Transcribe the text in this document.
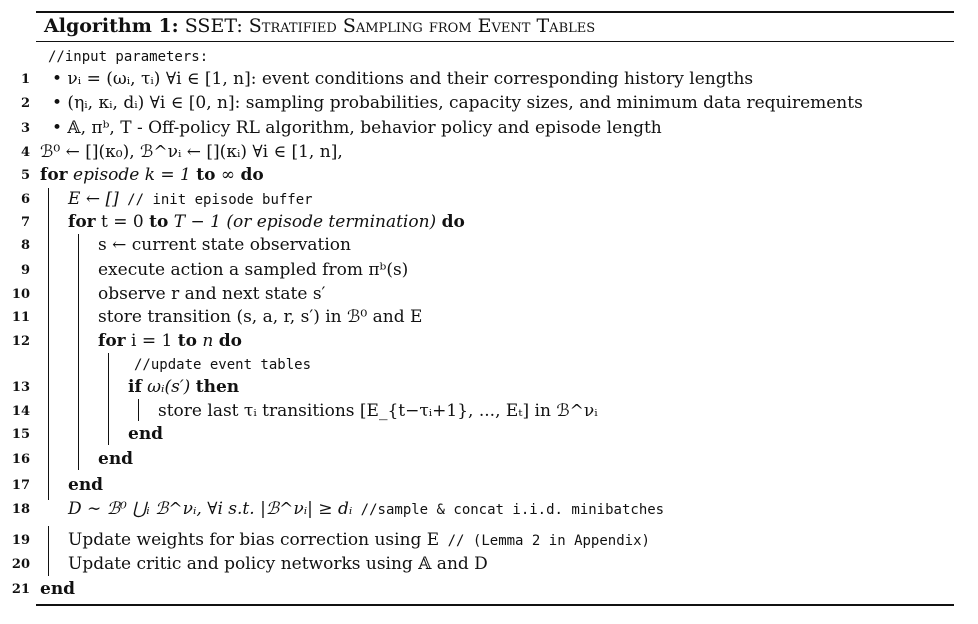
Algorithm 1: SSET: Stratified Sampling from Event Tables
//input parameters:
1 • νᵢ = (ωᵢ, τᵢ) ∀i ∈ [1, n]: event conditions and their corresponding history lengths
2 • (ηᵢ, κᵢ, dᵢ) ∀i ∈ [0, n]: sampling probabilities, capacity sizes, and minimum data requirements
3 • 𝔸, πᵇ, T - Off-policy RL algorithm, behavior policy and episode length
4 ℬ⁰ ← [](κ₀), ℬ^νᵢ ← [](κᵢ) ∀i ∈ [1, n],
5 for episode k = 1 to ∞ do
6 E ← [] // init episode buffer
7 for t = 0 to T − 1 (or episode termination) do
8	s ← current state observation
9	execute action a sampled from πᵇ(s)
10	observe r and next state s′
11	store transition (s, a, r, s′) in ℬ⁰ and E
12	for i = 1 to n do
//update event tables
13	if ωᵢ(s′) then
14	store last τᵢ transitions [E_{t−τᵢ+1}, ..., Eₜ] in ℬ^νᵢ
15	end
16	end
17 end
18 D ∼ ℬ⁰ ⋃ᵢ ℬ^νᵢ, ∀i s.t. |ℬ^νᵢ| ≥ dᵢ //sample & concat i.i.d. minibatches
19 Update weights for bias correction using E // (Lemma 2 in Appendix)
20 Update critic and policy networks using 𝔸 and D
21 end
